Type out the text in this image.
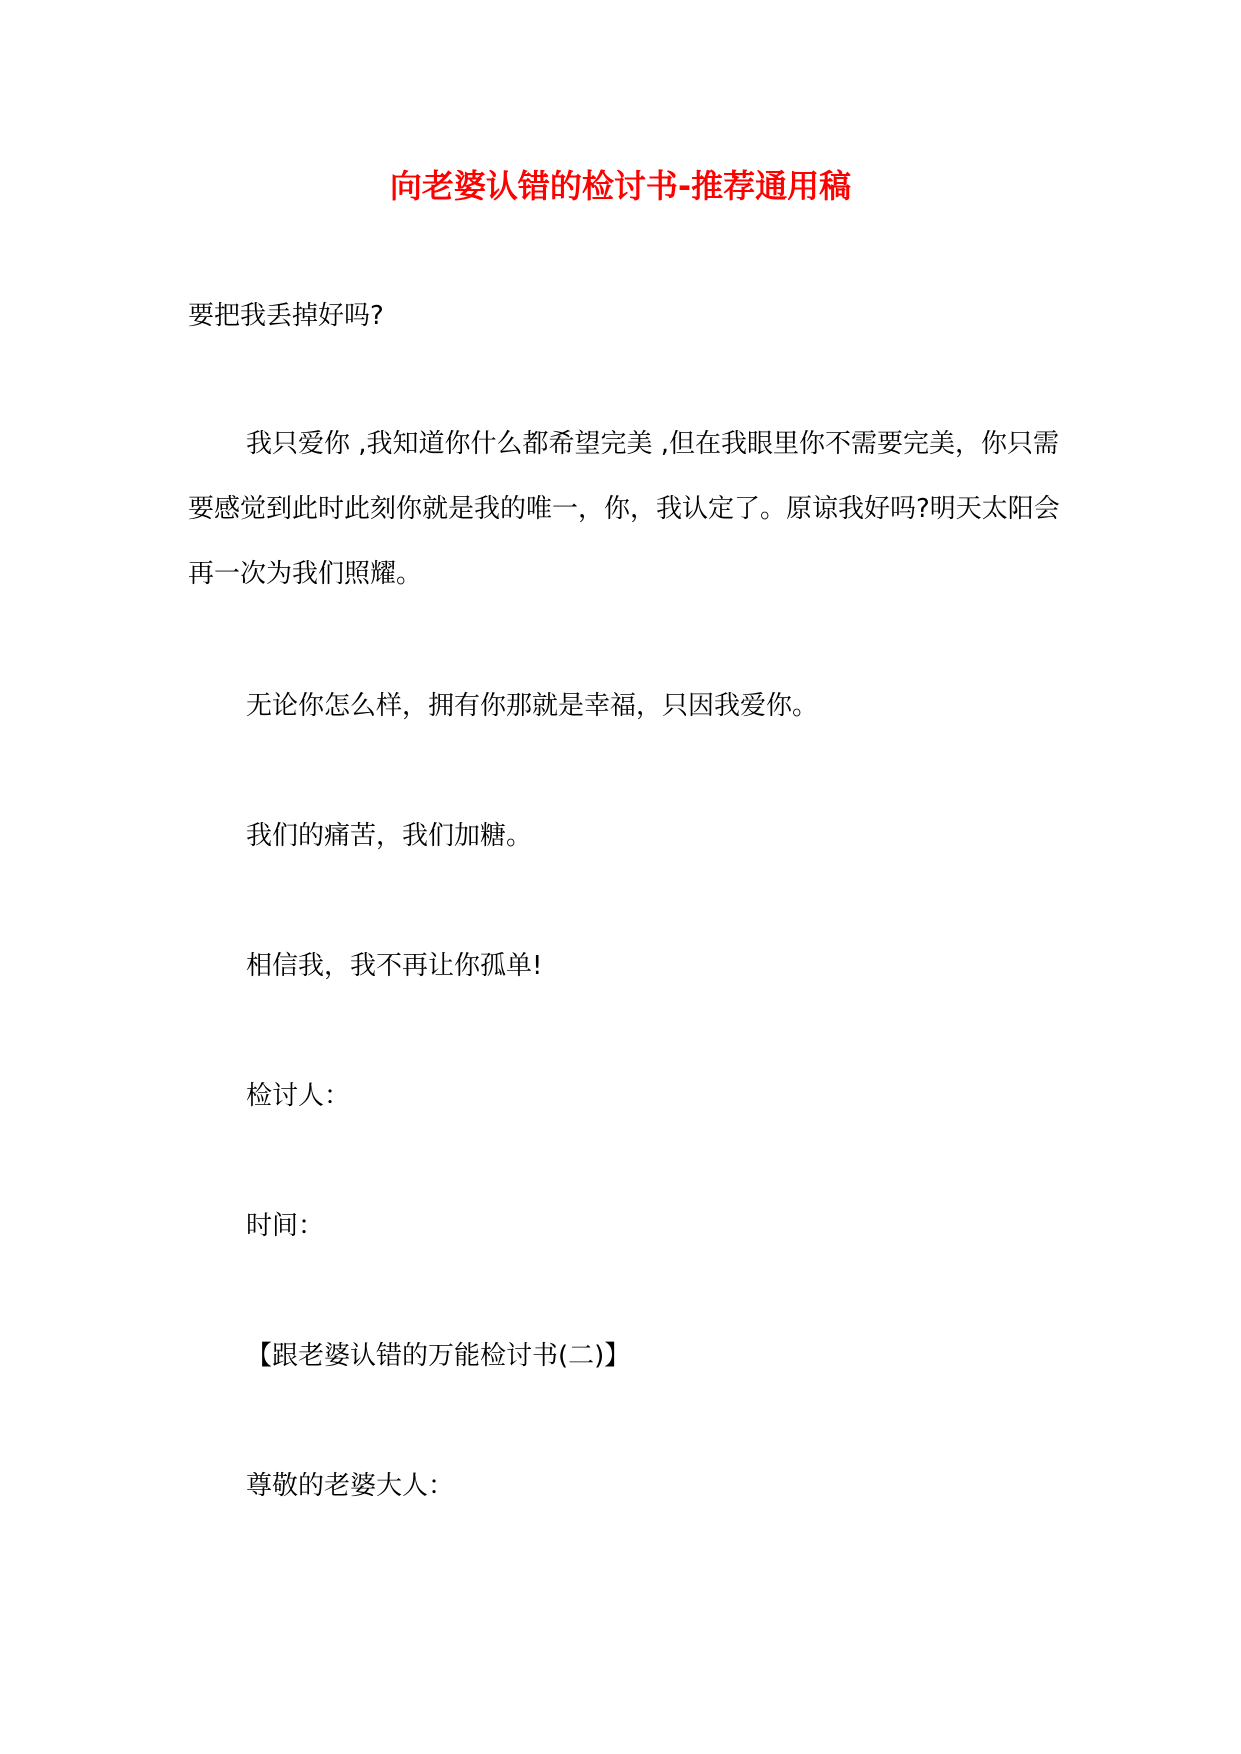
向老婆认错的检讨书-推荐通用稿
要把我丢掉好吗?

我只爱你 ,我知道你什么都希望完美 ,但在我眼里你不需要完美，你只需要感觉到此时此刻你就是我的唯一，你，我认定了。原谅我好吗?明天太阳会再一次为我们照耀。

无论你怎么样，拥有你那就是幸福，只因我爱你。
我们的痛苦，我们加糖。
相信我，我不再让你孤单!
检讨人：
时间：
【跟老婆认错的万能检讨书(二)】
尊敬的老婆大人：
